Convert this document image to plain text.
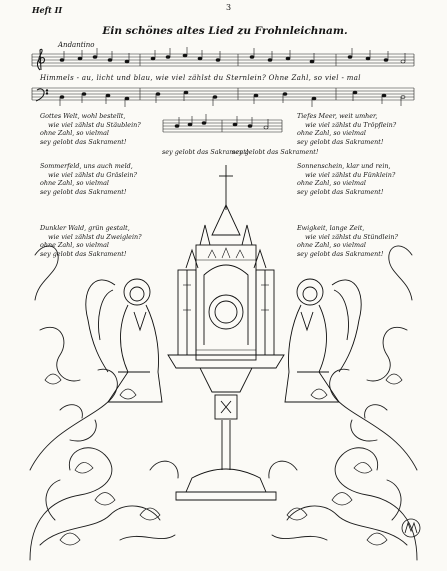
Heft II	3
Ein schönes altes Lied zu Frohnleichnam.
Andantino
Himmels - au, licht und blau, wie viel zählst du Sternlein? Ohne Zahl, so viel - mal
sey gelobt das Sakrament!
sey gelobt das Sakrament!
Gottes Welt, wohl bestellt,
wie viel zählst du Stäublein?
ohne Zahl, so vielmal
sey gelobt das Sakrament!
Tiefes Meer, weit umher,
wie viel zählst du Tröpflein?
ohne Zahl, so vielmal
sey gelobt das Sakrament!
Sommerfeld, uns auch meld,
wie viel zählst du Gräslein?
ohne Zahl, so vielmal
sey gelobt das Sakrament!
Sonnenschein, klar und rein,
wie viel zählst du Fünklein?
ohne Zahl, so vielmal
sey gelobt das Sakrament!
Dunkler Wald, grün gestalt,
wie viel zählst du Zweiglein?
ohne Zahl, so vielmal
sey gelobt das Sakrament!
Ewigkeit, lange Zeit,
wie viel zählst du Stündlein?
ohne Zahl, so vielmal
sey gelobt das Sakrament!
